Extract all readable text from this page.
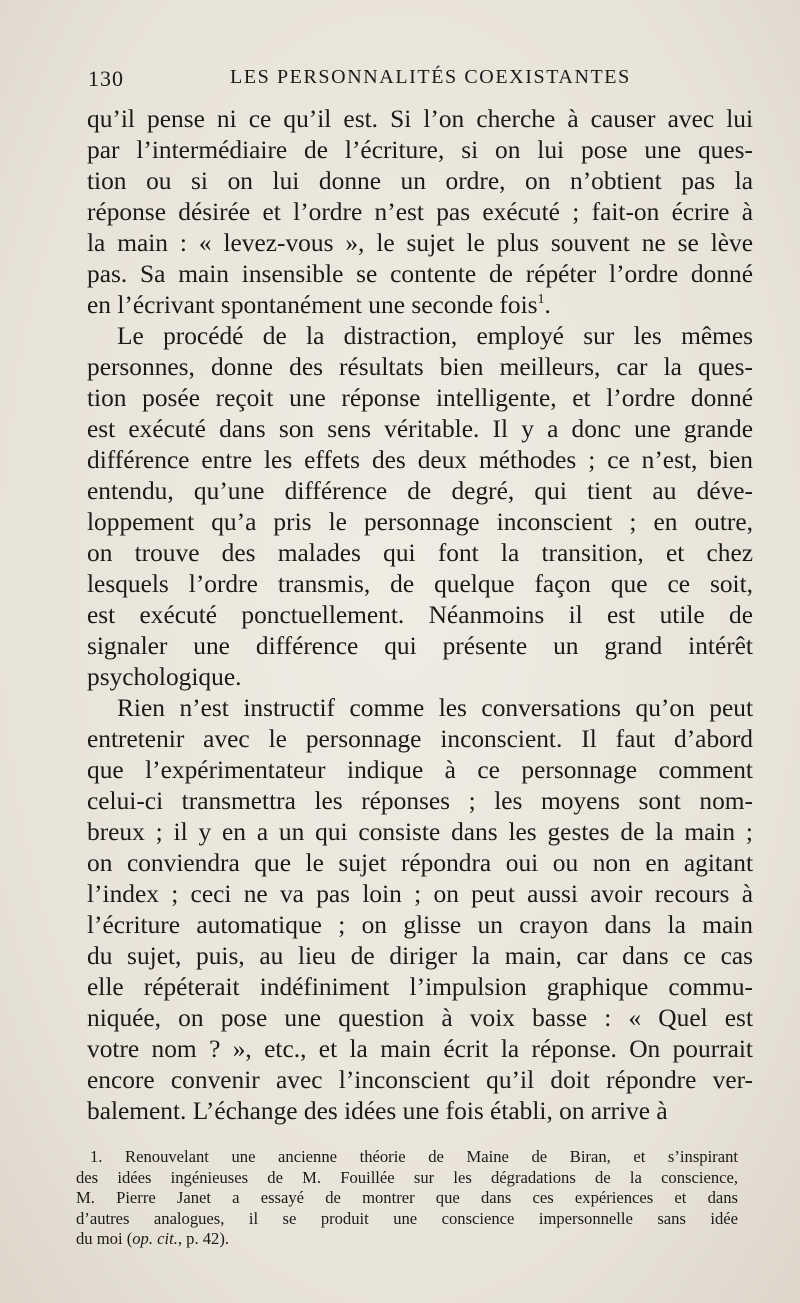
130	LES PERSONNALITÉS COEXISTANTES
qu’il pense ni ce qu’il est. Si l’on cherche à causer avec lui
par l’intermédiaire de l’écriture, si on lui pose une ques-
tion ou si on lui donne un ordre, on n’obtient pas la
réponse désirée et l’ordre n’est pas exécuté ; fait-on écrire à
la main : « levez-vous », le sujet le plus souvent ne se lève
pas. Sa main insensible se contente de répéter l’ordre donné
en l’écrivant spontanément une seconde fois$^1$.
Le procédé de la distraction, employé sur les mêmes
personnes, donne des résultats bien meilleurs, car la ques-
tion posée reçoit une réponse intelligente, et l’ordre donné
est exécuté dans son sens véritable. Il y a donc une grande
différence entre les effets des deux méthodes ; ce n’est, bien
entendu, qu’une différence de degré, qui tient au déve-
loppement qu’a pris le personnage inconscient ; en outre,
on trouve des malades qui font la transition, et chez
lesquels l’ordre transmis, de quelque façon que ce soit,
est exécuté ponctuellement. Néanmoins il est utile de
signaler une différence qui présente un grand intérêt
psychologique.
Rien n’est instructif comme les conversations qu’on peut
entretenir avec le personnage inconscient. Il faut d’abord
que l’expérimentateur indique à ce personnage comment
celui-ci transmettra les réponses ; les moyens sont nom-
breux ; il y en a un qui consiste dans les gestes de la main ;
on conviendra que le sujet répondra oui ou non en agitant
l’index ; ceci ne va pas loin ; on peut aussi avoir recours à
l’écriture automatique ; on glisse un crayon dans la main
du sujet, puis, au lieu de diriger la main, car dans ce cas
elle répéterait indéfiniment l’impulsion graphique commu-
niquée, on pose une question à voix basse : « Quel est
votre nom ? », etc., et la main écrit la réponse. On pourrait
encore convenir avec l’inconscient qu’il doit répondre ver-
balement. L’échange des idées une fois établi, on arrive à
1. Renouvelant une ancienne théorie de Maine de Biran, et s’inspirant
des idées ingénieuses de M. Fouillée sur les dégradations de la conscience,
M. Pierre Janet a essayé de montrer que dans ces expériences et dans
d’autres analogues, il se produit une conscience impersonnelle sans idée
du moi (op. cit., p. 42).
